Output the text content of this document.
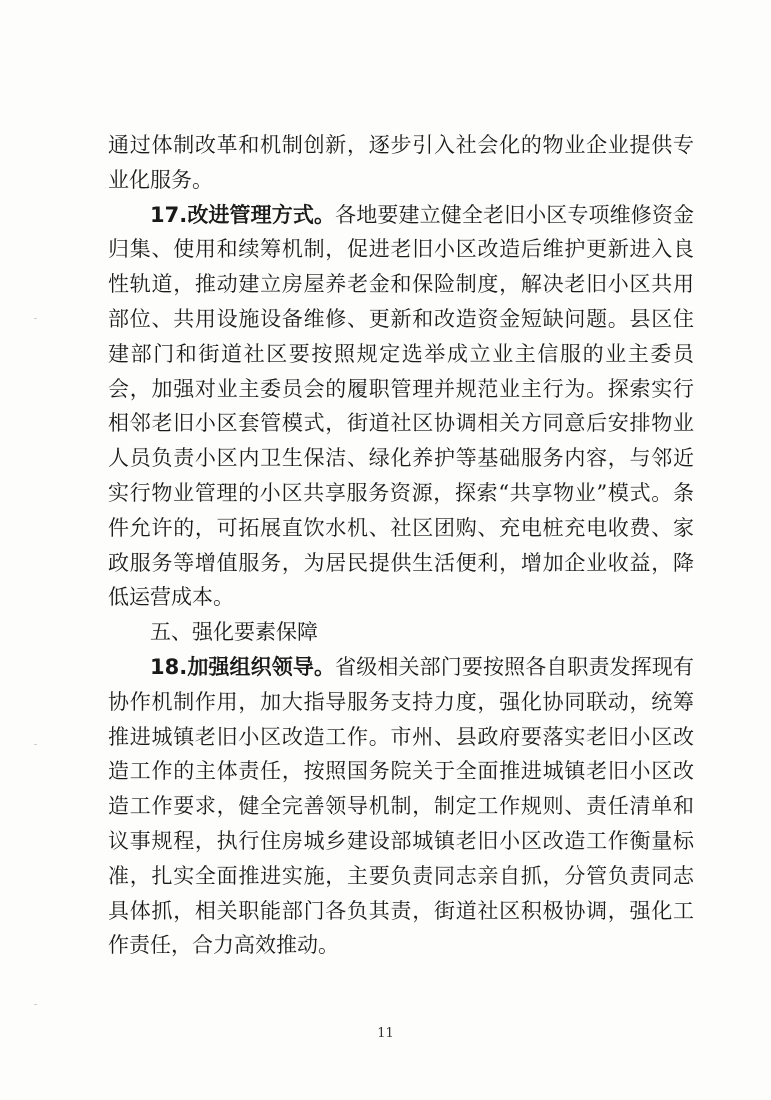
通过体制改革和机制创新，逐步引入社会化的物业企业提供专业化服务。

17.改进管理方式。各地要建立健全老旧小区专项维修资金归集、使用和续筹机制，促进老旧小区改造后维护更新进入良性轨道，推动建立房屋养老金和保险制度，解决老旧小区共用部位、共用设施设备维修、更新和改造资金短缺问题。县区住建部门和街道社区要按照规定选举成立业主信服的业主委员会，加强对业主委员会的履职管理并规范业主行为。探索实行相邻老旧小区套管模式，街道社区协调相关方同意后安排物业人员负责小区内卫生保洁、绿化养护等基础服务内容，与邻近实行物业管理的小区共享服务资源，探索“共享物业”模式。条件允许的，可拓展直饮水机、社区团购、充电桩充电收费、家政服务等增值服务，为居民提供生活便利，增加企业收益，降低运营成本。

五、强化要素保障

18.加强组织领导。省级相关部门要按照各自职责发挥现有协作机制作用，加大指导服务支持力度，强化协同联动，统筹推进城镇老旧小区改造工作。市州、县政府要落实老旧小区改造工作的主体责任，按照国务院关于全面推进城镇老旧小区改造工作要求，健全完善领导机制，制定工作规则、责任清单和议事规程，执行住房城乡建设部城镇老旧小区改造工作衡量标准，扎实全面推进实施，主要负责同志亲自抓，分管负责同志具体抓，相关职能部门各负其责，街道社区积极协调，强化工作责任，合力高效推动。

11
